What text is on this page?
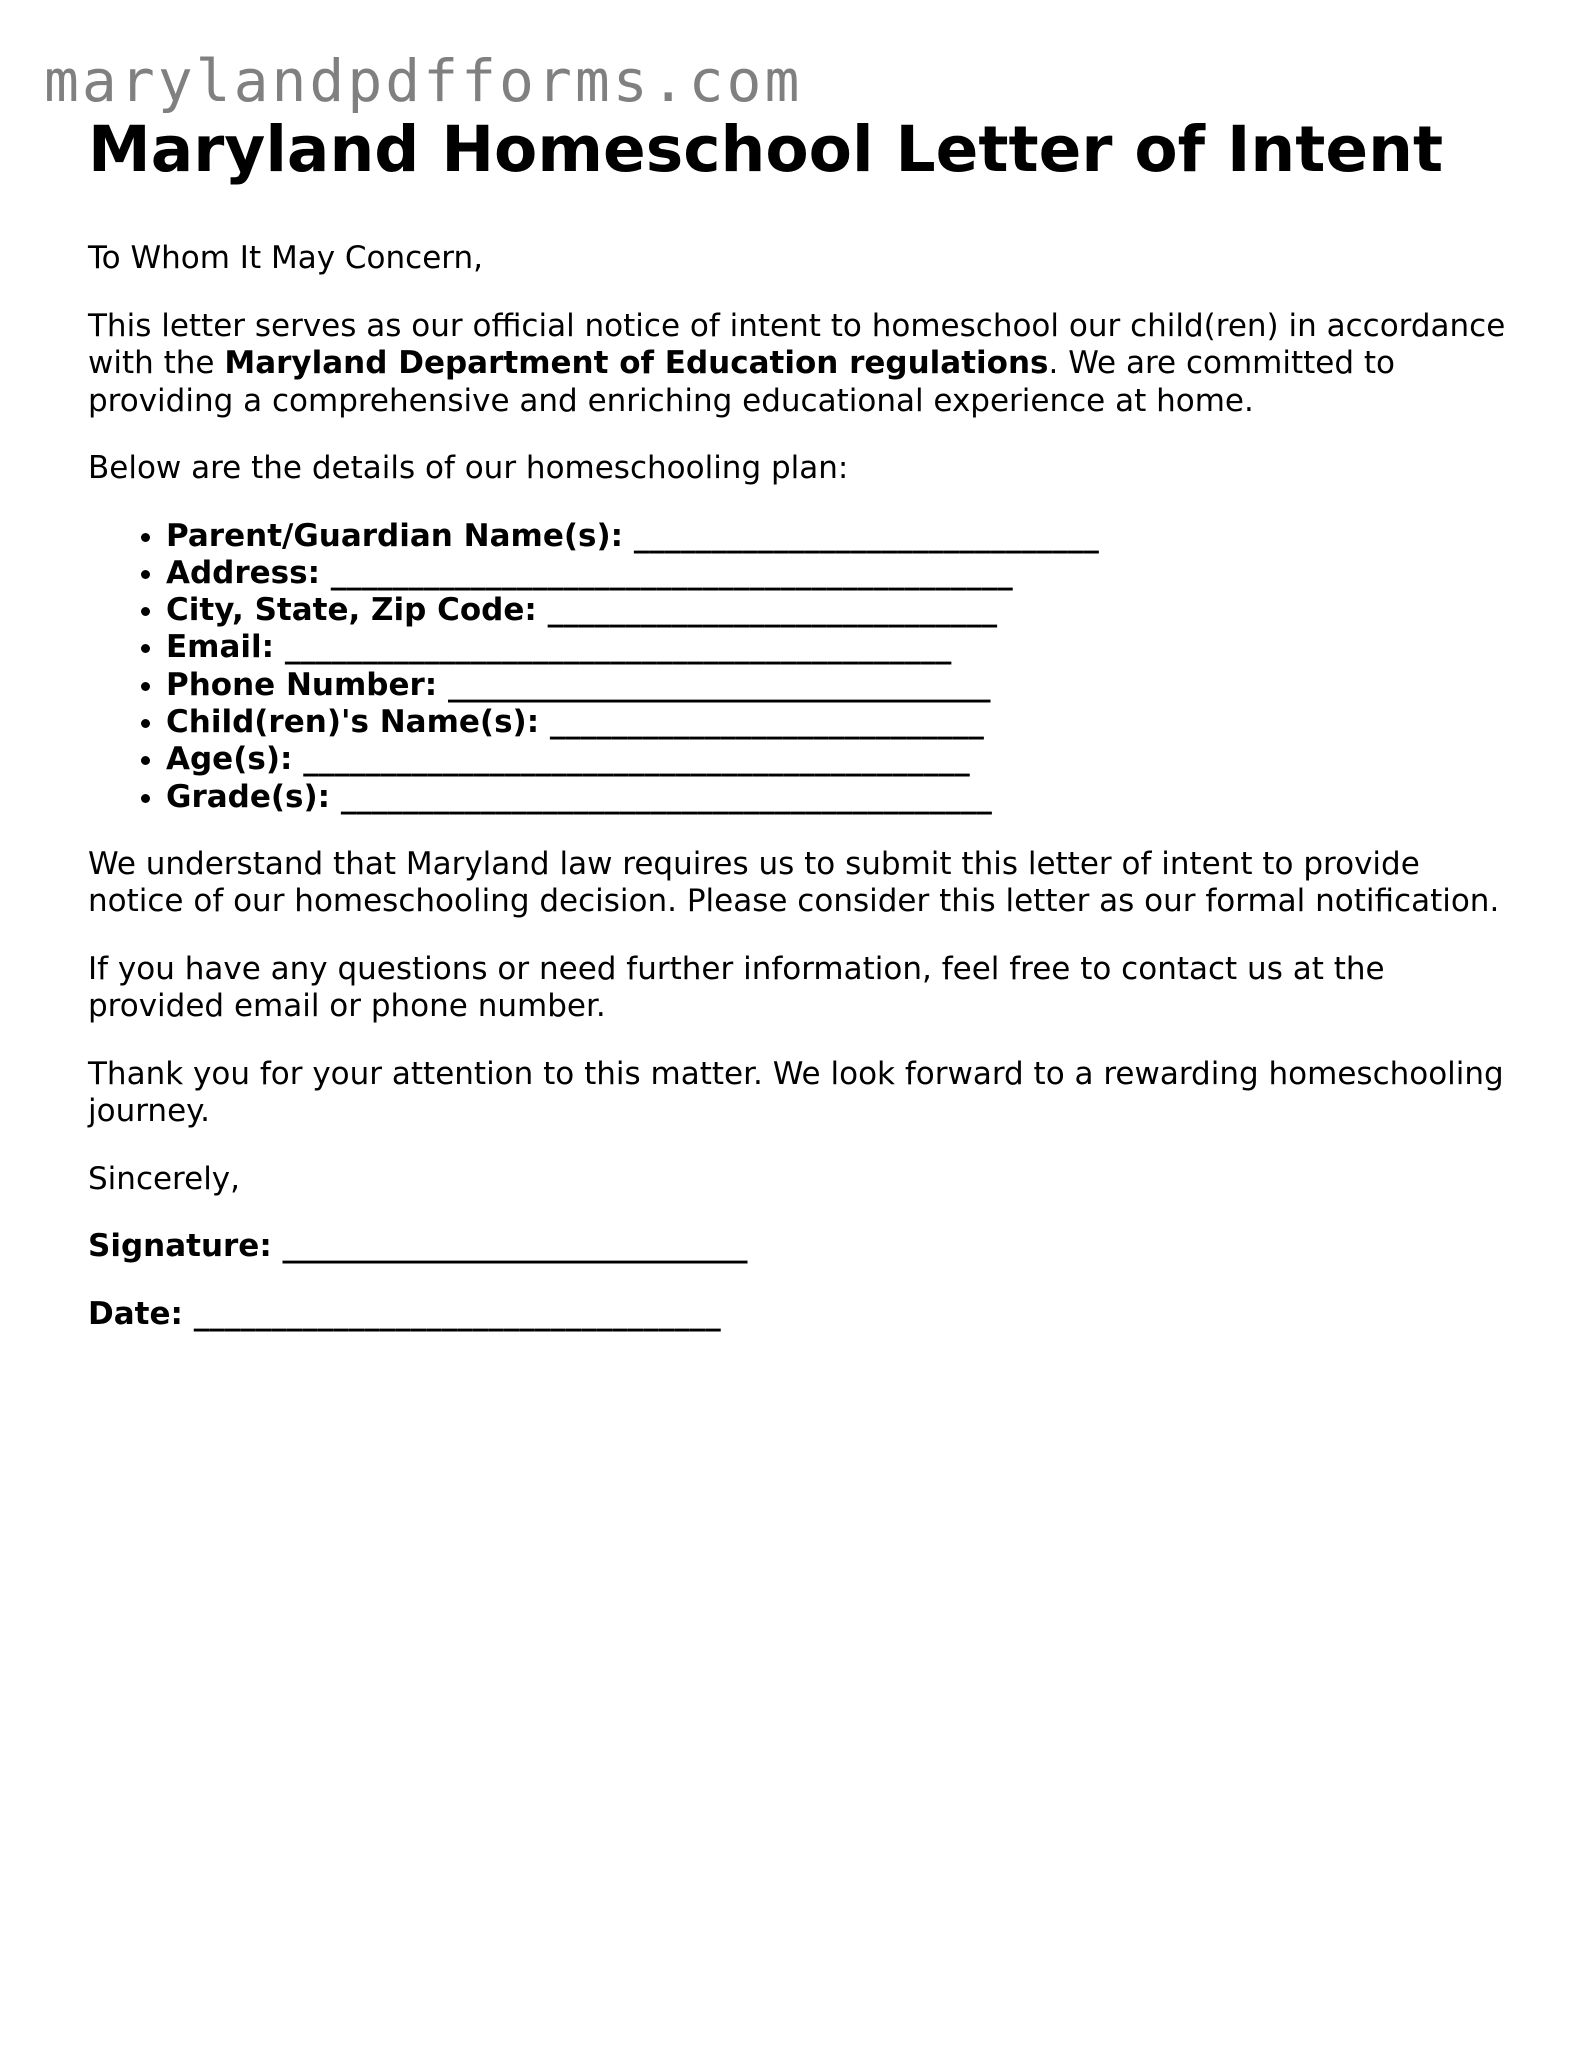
marylandpdfforms.com
Maryland Homeschool Letter of Intent

To Whom It May Concern,

This letter serves as our official notice of intent to homeschool our child(ren) in accordance with the Maryland Department of Education regulations. We are committed to providing a comprehensive and enriching educational experience at home.

Below are the details of our homeschooling plan:

• Parent/Guardian Name(s): ______________________________
• Address: ____________________________________________
• City, State, Zip Code: _____________________________
• Email: ___________________________________________
• Phone Number: ___________________________________
• Child(ren)'s Name(s): ____________________________
• Age(s): ___________________________________________
• Grade(s): __________________________________________

We understand that Maryland law requires us to submit this letter of intent to provide notice of our homeschooling decision. Please consider this letter as our formal notification.

If you have any questions or need further information, feel free to contact us at the provided email or phone number.

Thank you for your attention to this matter. We look forward to a rewarding homeschooling journey.

Sincerely,

Signature: ______________________________

Date: __________________________________
